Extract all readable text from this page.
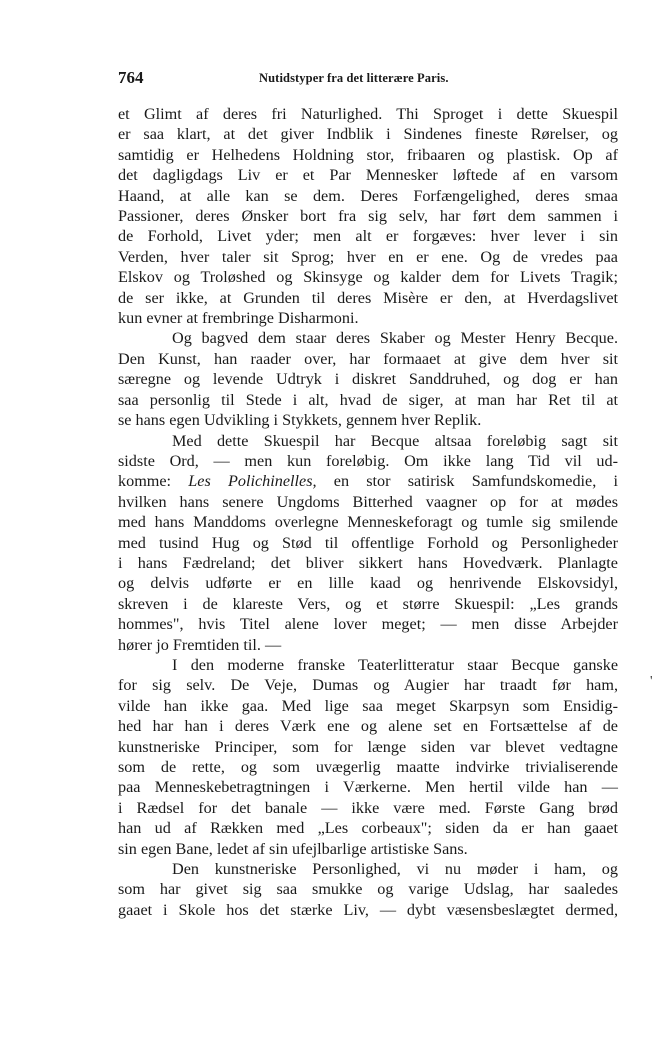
764	Nutidstyper fra det litterære Paris.
et Glimt af deres fri Naturlighed. Thi Sproget i dette Skuespil
er saa klart, at det giver Indblik i Sindenes fineste Rørelser, og
samtidig er Helhedens Holdning stor, fribaaren og plastisk. Op af
det dagligdags Liv er et Par Mennesker løftede af en varsom
Haand, at alle kan se dem. Deres Forfængelighed, deres smaa
Passioner, deres Ønsker bort fra sig selv, har ført dem sammen i
de Forhold, Livet yder; men alt er forgæves: hver lever i sin
Verden, hver taler sit Sprog; hver en er ene. Og de vredes paa
Elskov og Troløshed og Skinsyge og kalder dem for Livets Tragik;
de ser ikke, at Grunden til deres Misère er den, at Hverdagslivet
kun evner at frembringe Disharmoni.
Og bagved dem staar deres Skaber og Mester Henry Becque.
Den Kunst, han raader over, har formaaet at give dem hver sit
særegne og levende Udtryk i diskret Sanddruhed, og dog er han
saa personlig til Stede i alt, hvad de siger, at man har Ret til at
se hans egen Udvikling i Stykkets, gennem hver Replik.
Med dette Skuespil har Becque altsaa foreløbig sagt sit
sidste Ord, — men kun foreløbig. Om ikke lang Tid vil ud-
komme: Les Polichinelles, en stor satirisk Samfundskomedie, i
hvilken hans senere Ungdoms Bitterhed vaagner op for at mødes
med hans Manddoms overlegne Menneskeforagt og tumle sig smilende
med tusind Hug og Stød til offentlige Forhold og Personligheder
i hans Fædreland; det bliver sikkert hans Hovedværk. Planlagte
og delvis udførte er en lille kaad og henrivende Elskovsidyl,
skreven i de klareste Vers, og et større Skuespil: „Les grands
hommes", hvis Titel alene lover meget; — men disse Arbejder
hører jo Fremtiden til. —
I den moderne franske Teaterlitteratur staar Becque ganske
for sig selv. De Veje, Dumas og Augier har traadt før ham,
vilde han ikke gaa. Med lige saa meget Skarpsyn som Ensidig-
hed har han i deres Værk ene og alene set en Fortsættelse af de
kunstneriske Principer, som for længe siden var blevet vedtagne
som de rette, og som uvægerlig maatte indvirke trivialiserende
paa Menneskebetragtningen i Værkerne. Men hertil vilde han —
i Rædsel for det banale — ikke være med. Første Gang brød
han ud af Rækken med „Les corbeaux"; siden da er han gaaet
sin egen Bane, ledet af sin ufejlbarlige artistiske Sans.
Den kunstneriske Personlighed, vi nu møder i ham, og
som har givet sig saa smukke og varige Udslag, har saaledes
gaaet i Skole hos det stærke Liv, — dybt væsensbeslægtet dermed,
'
